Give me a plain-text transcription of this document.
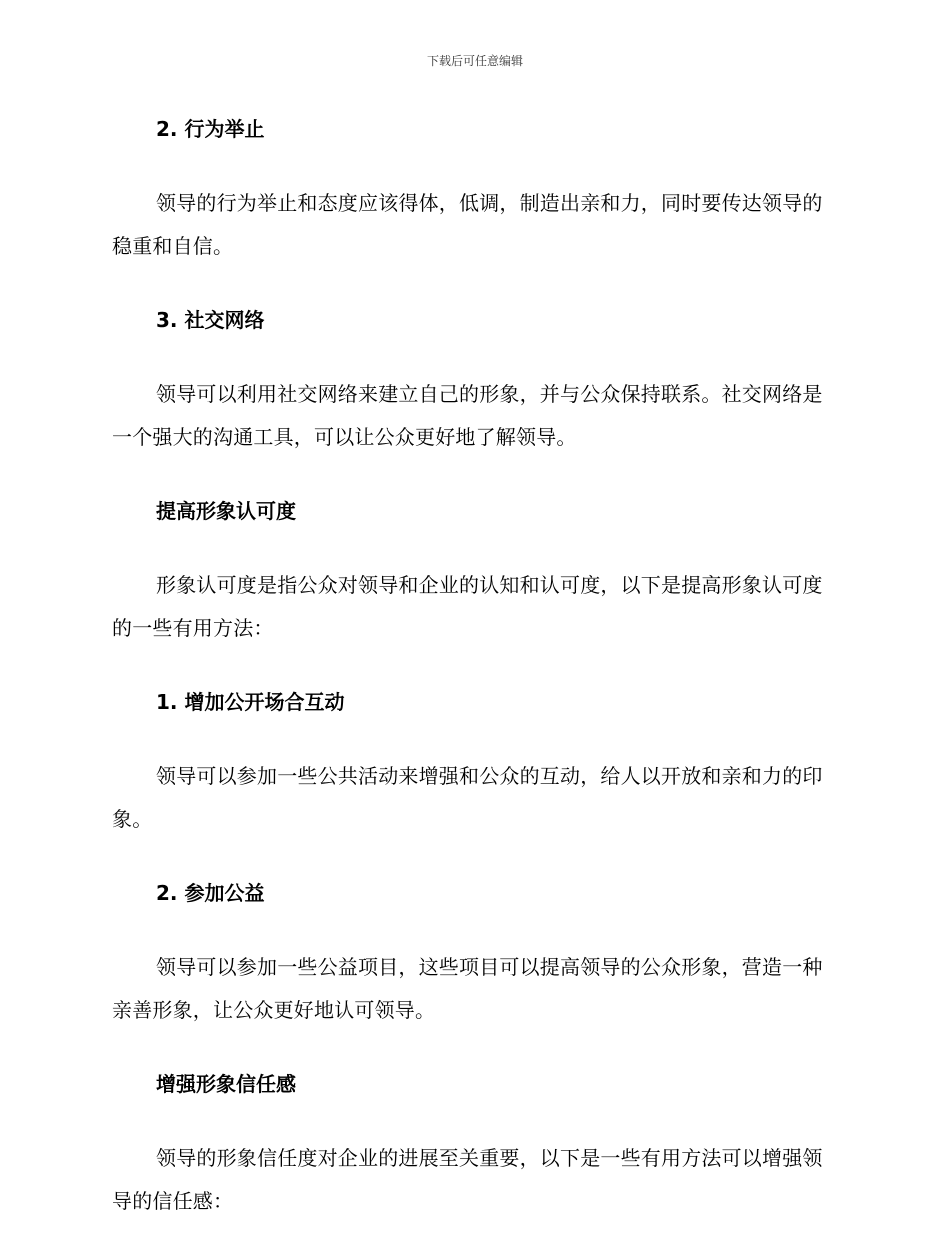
下载后可任意编辑
2. 行为举止
领导的行为举止和态度应该得体，低调，制造出亲和力，同时要传达领导的稳重和自信。
3. 社交网络
领导可以利用社交网络来建立自己的形象，并与公众保持联系。社交网络是一个强大的沟通工具，可以让公众更好地了解领导。
提高形象认可度
形象认可度是指公众对领导和企业的认知和认可度，以下是提高形象认可度的一些有用方法：
1. 增加公开场合互动
领导可以参加一些公共活动来增强和公众的互动，给人以开放和亲和力的印象。
2. 参加公益
领导可以参加一些公益项目，这些项目可以提高领导的公众形象，营造一种亲善形象，让公众更好地认可领导。
增强形象信任感
领导的形象信任度对企业的进展至关重要，以下是一些有用方法可以增强领导的信任感：
